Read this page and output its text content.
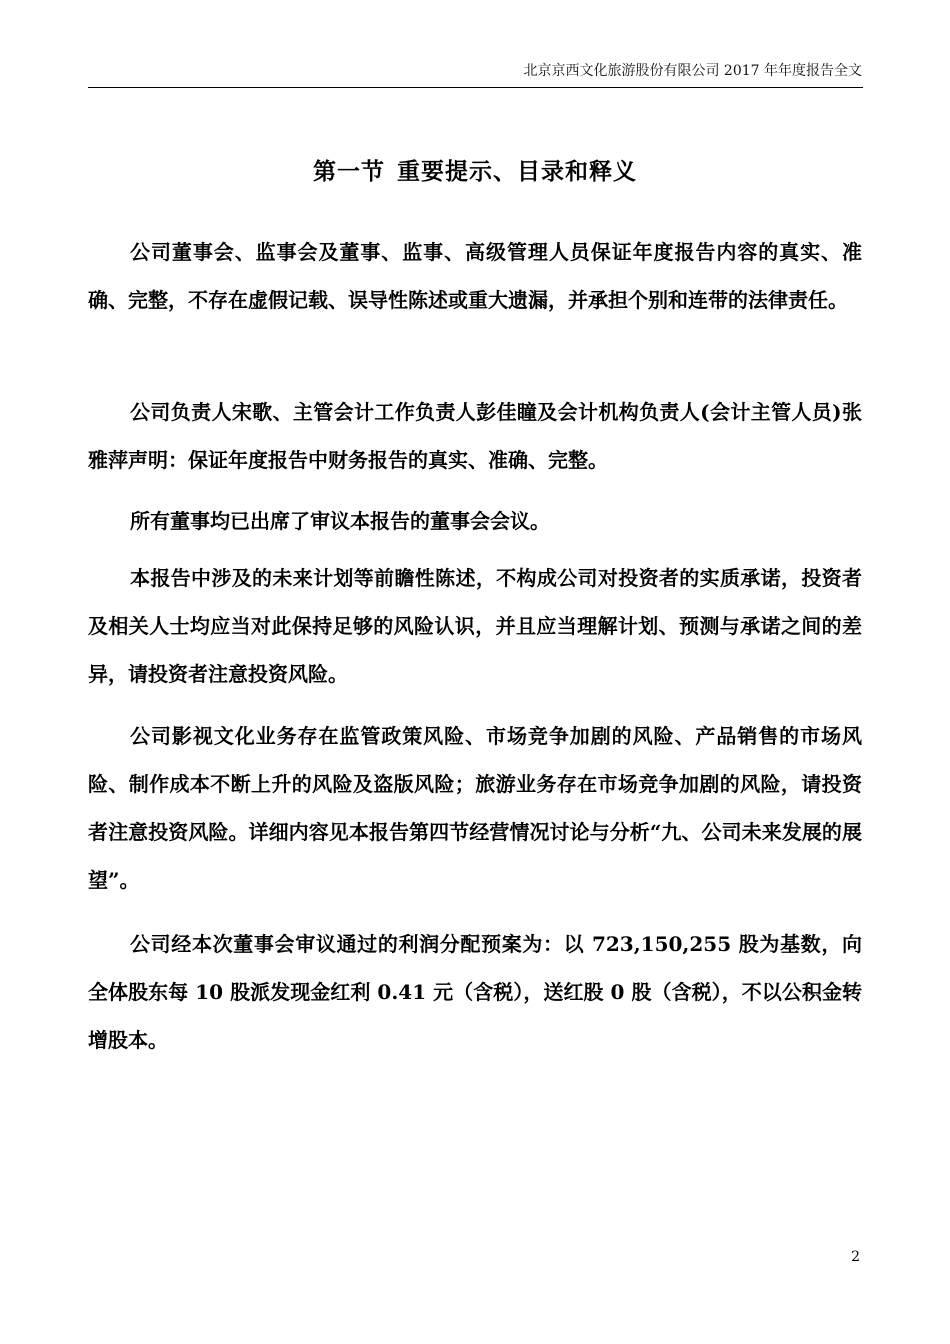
北京京西文化旅游股份有限公司 2017 年年度报告全文
第一节 重要提示、目录和释义

公司董事会、监事会及董事、监事、高级管理人员保证年度报告内容的真实、准确、完整，不存在虚假记载、误导性陈述或重大遗漏，并承担个别和连带的法律责任。

公司负责人宋歌、主管会计工作负责人彭佳瞳及会计机构负责人(会计主管人员)张雅萍声明：保证年度报告中财务报告的真实、准确、完整。

所有董事均已出席了审议本报告的董事会会议。

本报告中涉及的未来计划等前瞻性陈述，不构成公司对投资者的实质承诺，投资者及相关人士均应当对此保持足够的风险认识，并且应当理解计划、预测与承诺之间的差异，请投资者注意投资风险。

公司影视文化业务存在监管政策风险、市场竞争加剧的风险、产品销售的市场风险、制作成本不断上升的风险及盗版风险；旅游业务存在市场竞争加剧的风险，请投资者注意投资风险。详细内容见本报告第四节经营情况讨论与分析“九、公司未来发展的展望”。

公司经本次董事会审议通过的利润分配预案为：以 723,150,255 股为基数，向全体股东每 10 股派发现金红利 0.41 元（含税），送红股 0 股（含税），不以公积金转增股本。

2
